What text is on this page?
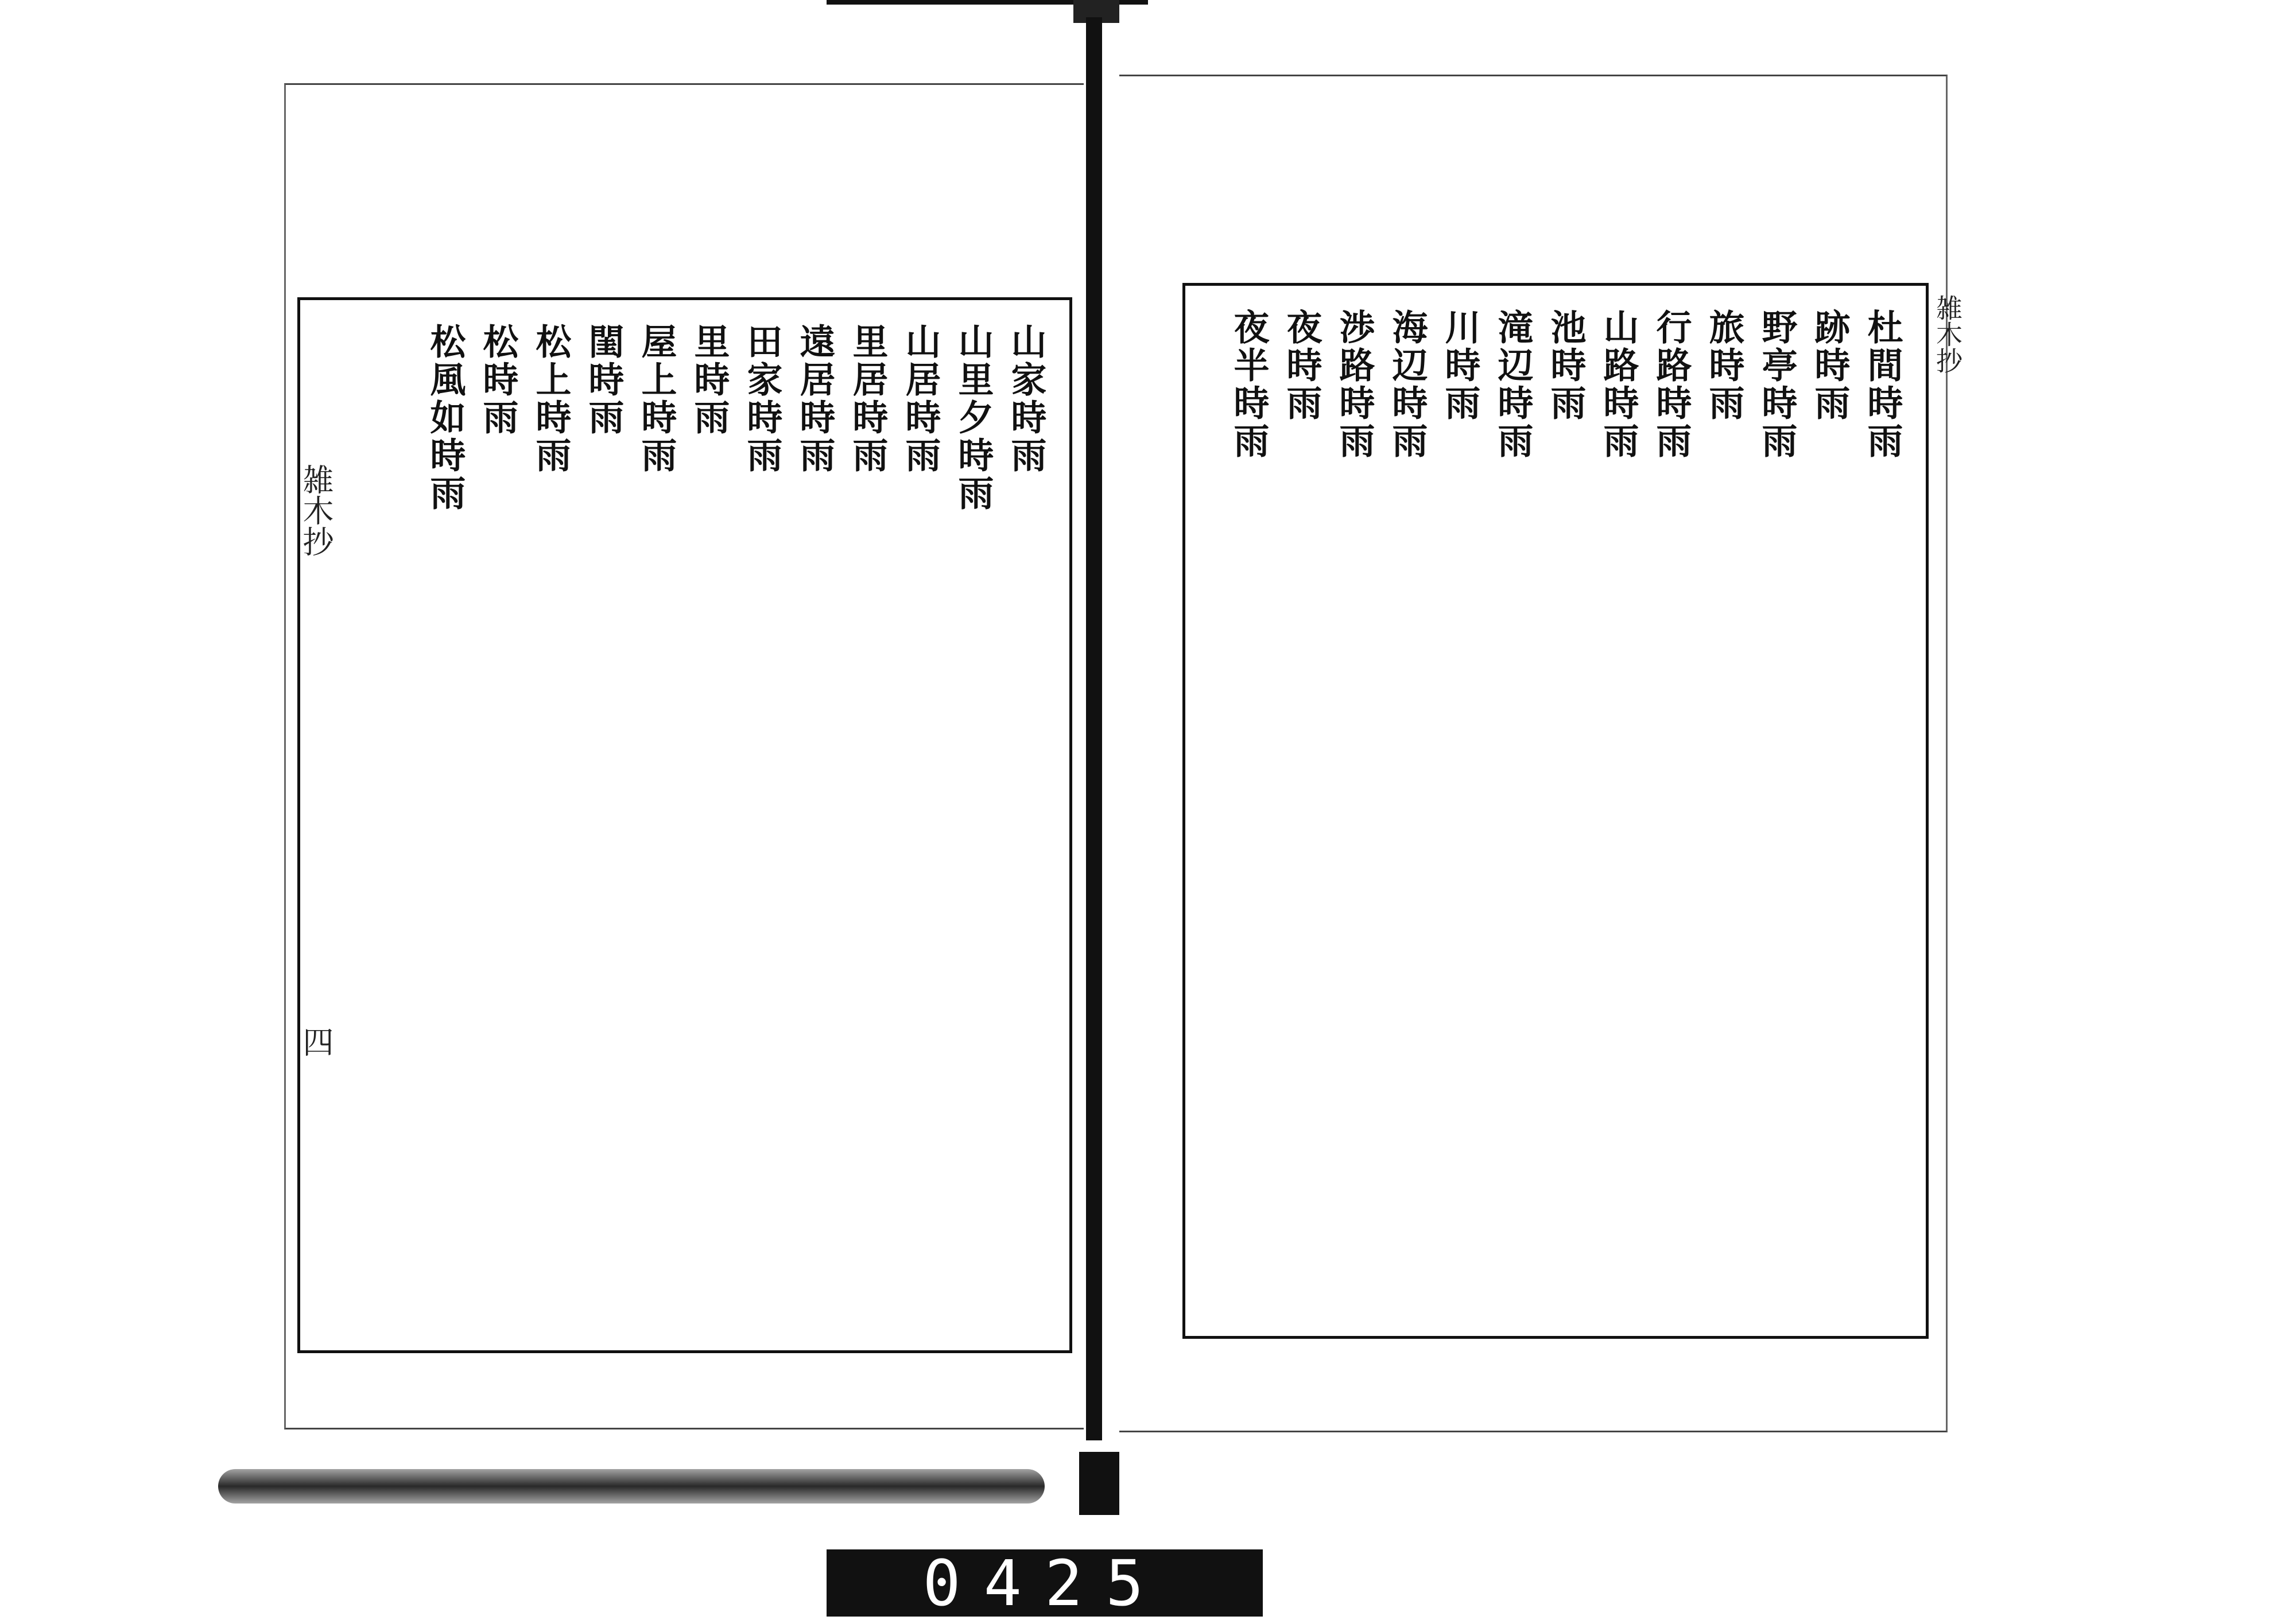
雑木抄
四
山家時雨
山里夕時雨
山居時雨
里居時雨
遠居時雨
田家時雨
里時雨
屋上時雨
閨時雨
松上時雨
松時雨
松風如時雨	雑木抄
杜間時雨
跡時雨
野亭時雨
旅時雨
行路時雨
山路時雨
池時雨
滝辺時雨
川時雨
海辺時雨
渉路時雨
夜時雨
夜半時雨
0425
